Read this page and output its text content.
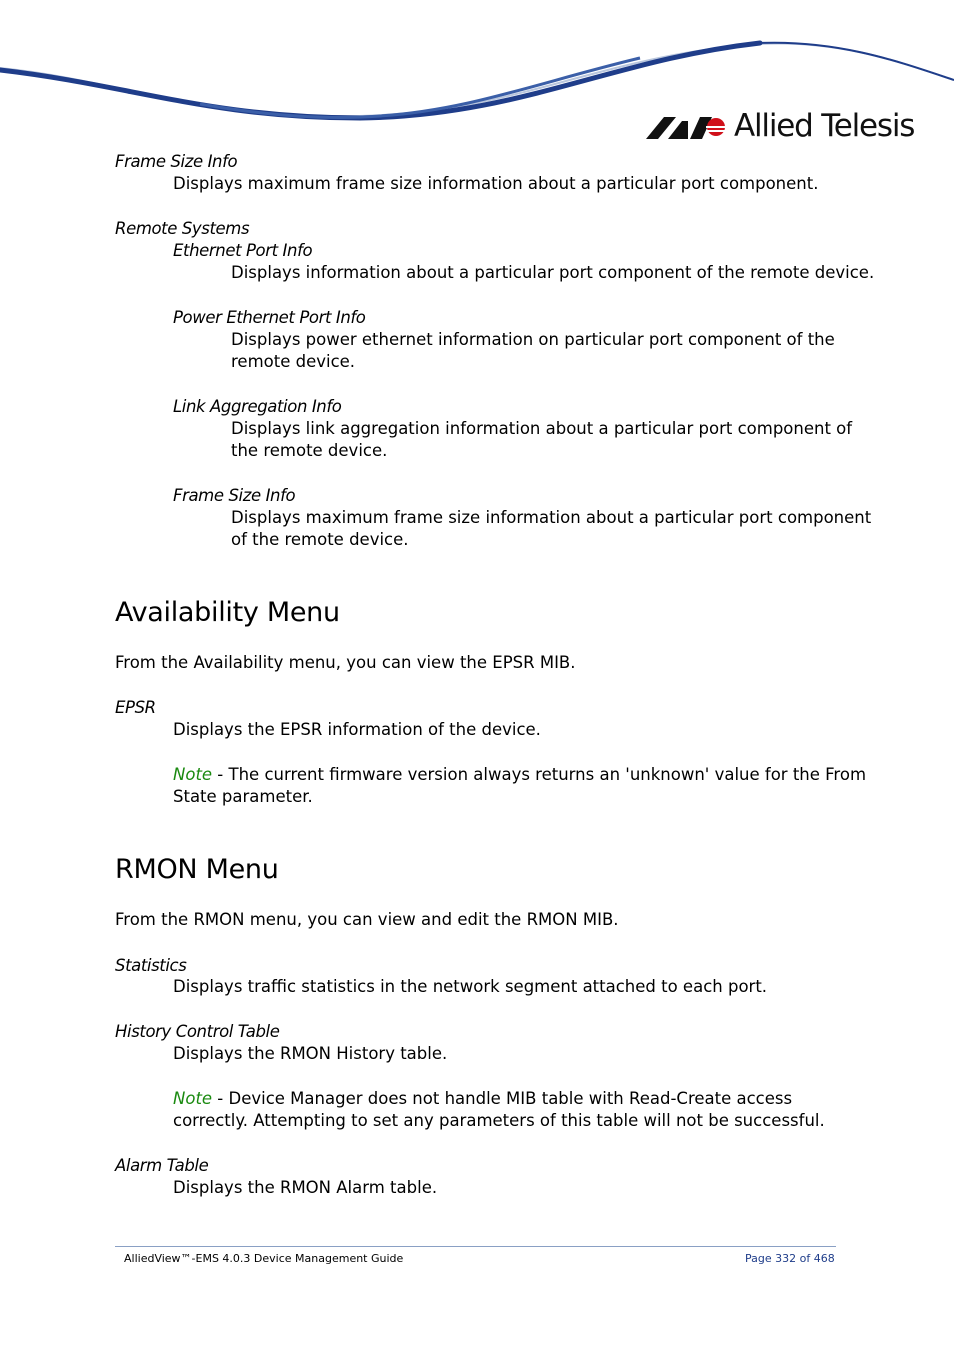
Allied Telesis
Frame Size Info
Displays maximum frame size information about a particular port component.
Remote Systems
Ethernet Port Info
Displays information about a particular port component of the remote device.
Power Ethernet Port Info
Displays power ethernet information on particular port component of the
remote device.
Link Aggregation Info
Displays link aggregation information about a particular port component of
the remote device.
Frame Size Info
Displays maximum frame size information about a particular port component
of the remote device.
Availability Menu
From the Availability menu, you can view the EPSR MIB.
EPSR
Displays the EPSR information of the device.
Note - The current firmware version always returns an 'unknown' value for the From
State parameter.
RMON Menu
From the RMON menu, you can view and edit the RMON MIB.
Statistics
Displays traffic statistics in the network segment attached to each port.
History Control Table
Displays the RMON History table.
Note - Device Manager does not handle MIB table with Read-Create access
correctly. Attempting to set any parameters of this table will not be successful.
Alarm Table
Displays the RMON Alarm table.
AlliedView™-EMS 4.0.3 Device Management Guide	Page 332 of 468
